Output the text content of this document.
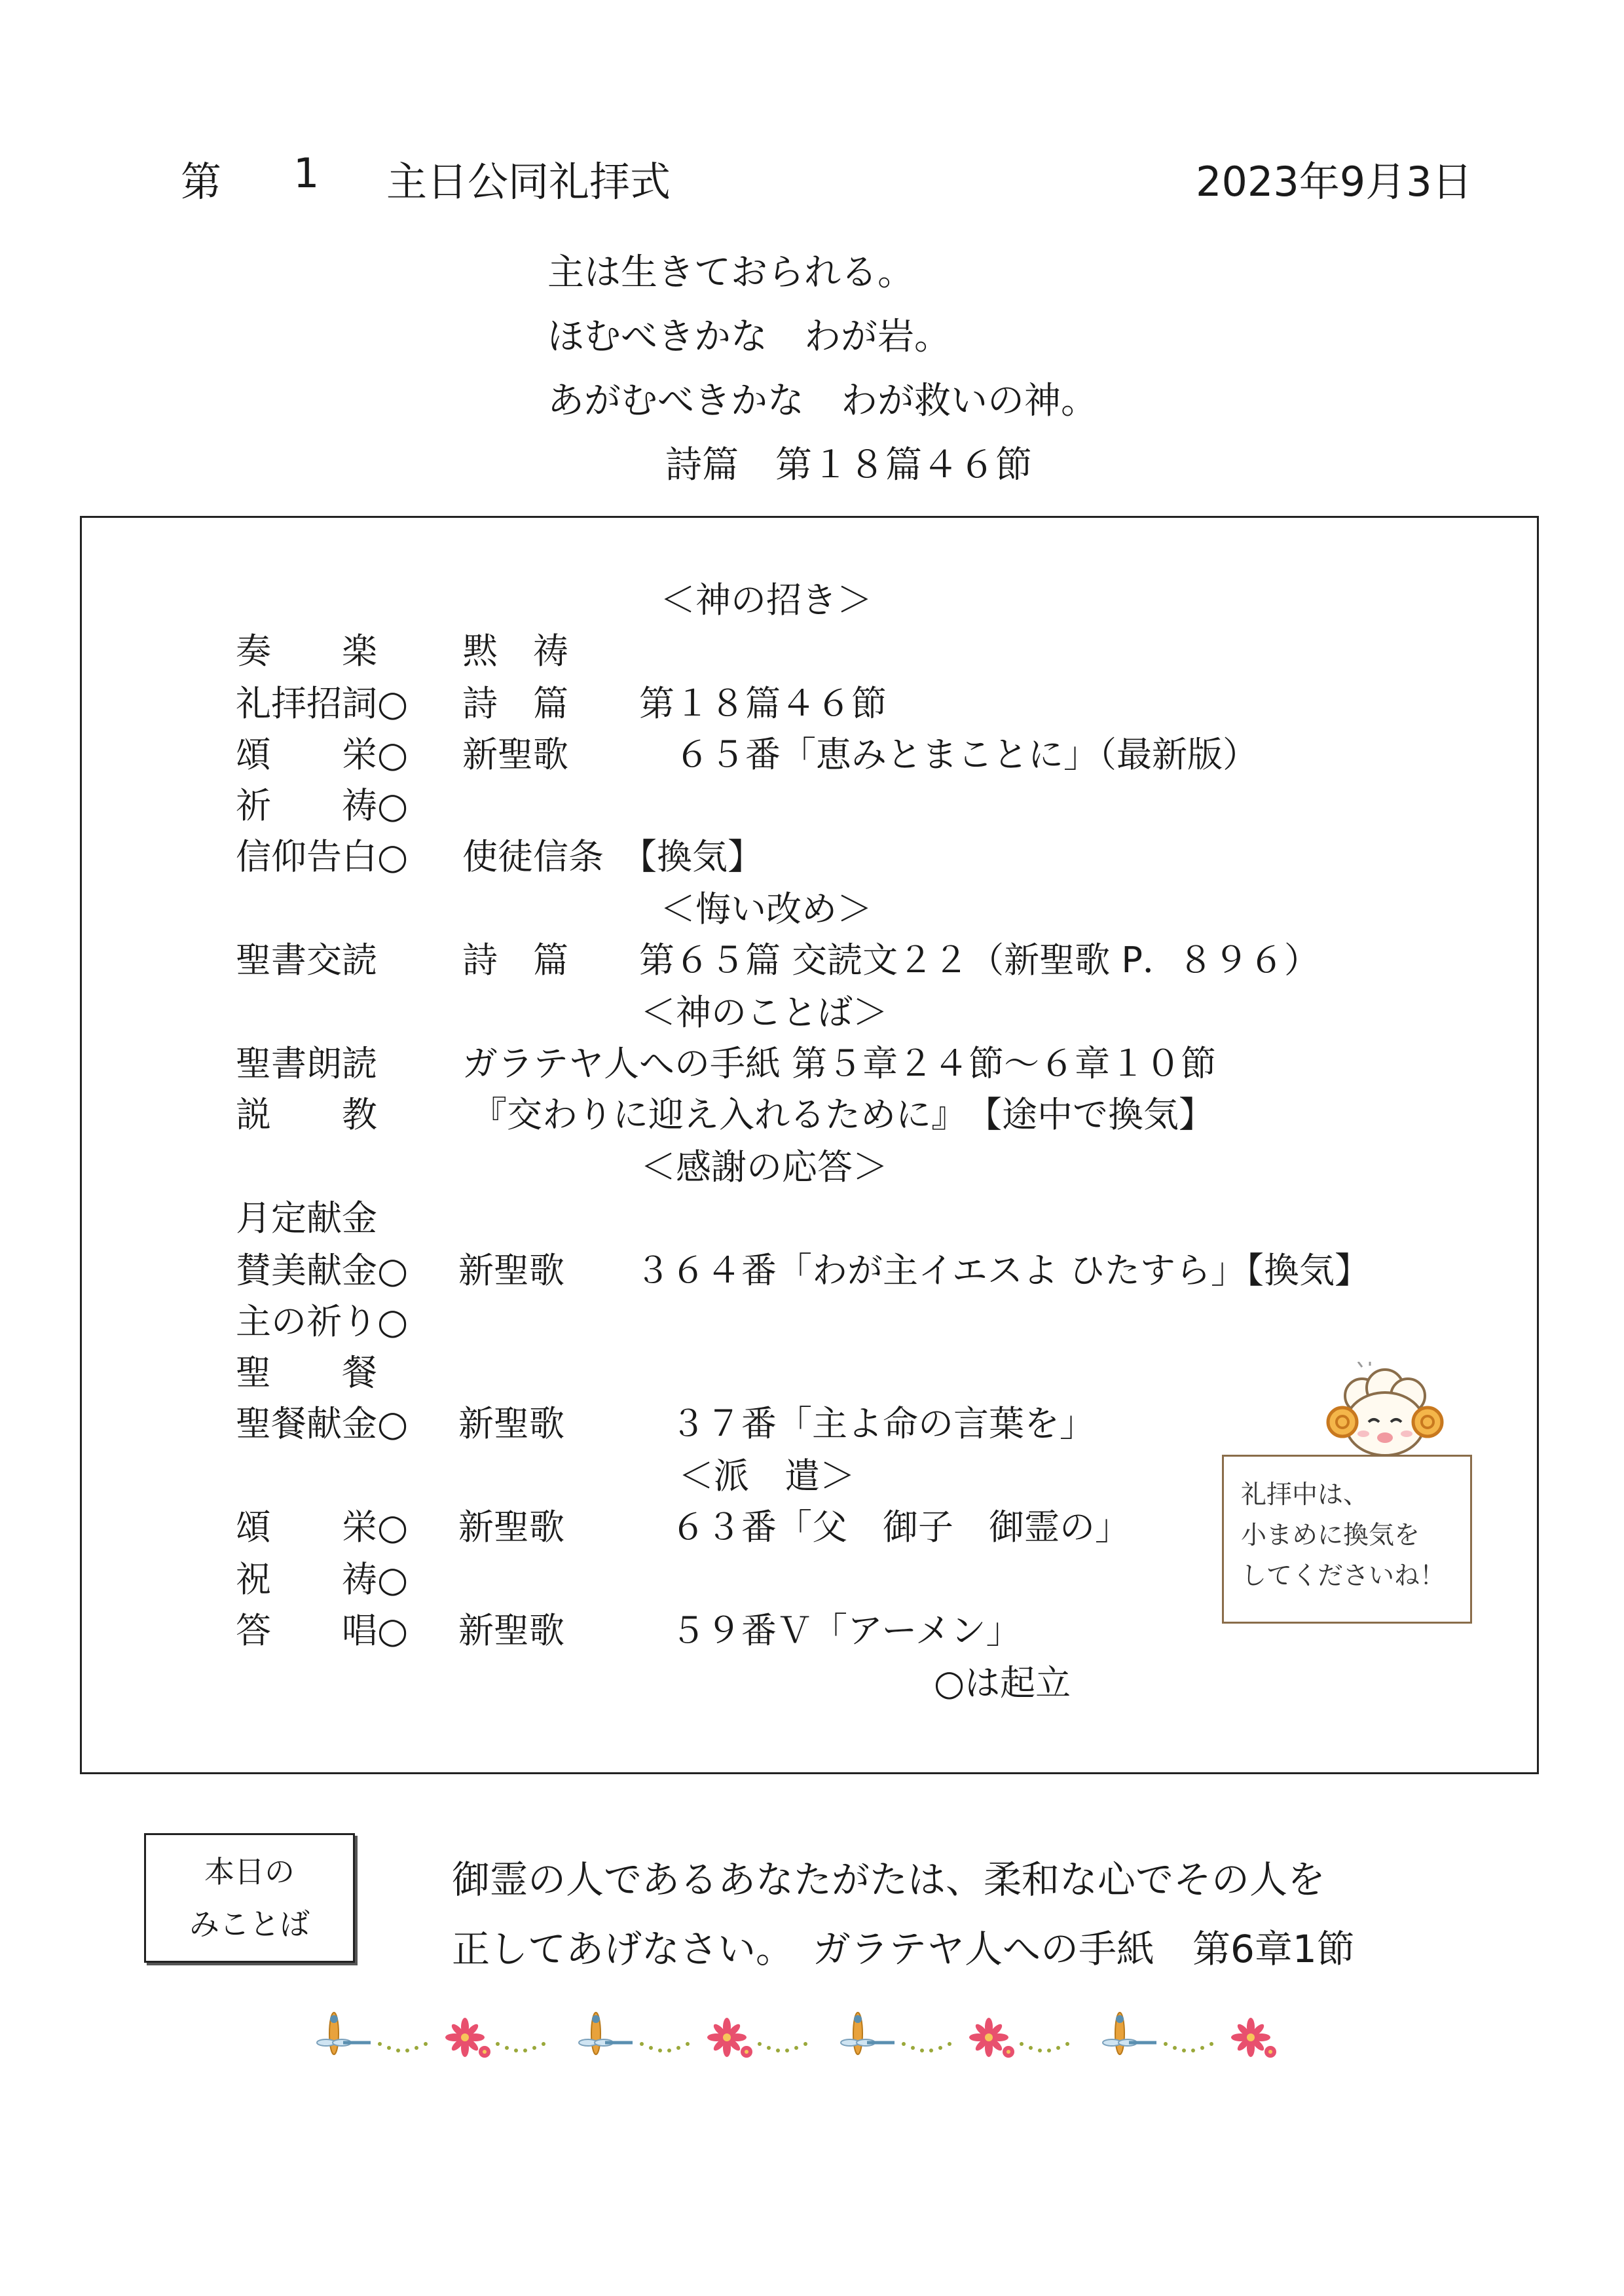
第 1 主日公同礼拝式	2023年9月3日
主は生きておられる。
ほむべきかな　わが岩。
あがむべきかな　わが救いの神。
詩篇　第１８篇４６節
＜神の招き＞
奏　　楽 黙　祷
礼拝招詞○ 詩　篇　　第１８篇４６節
頌　　栄○ 新聖歌　　　６５番「恵みとまことに」（最新版）
祈　　祷○
信仰告白○ 使徒信条　【換気】
＜悔い改め＞
聖書交読 詩　篇　　第６５篇 交読文２２（新聖歌 P．８９６）
＜神のことば＞
聖書朗読 ガラテヤ人への手紙 第５章２４節～６章１０節
説　　教	『交わりに迎え入れるために』　【途中で換気】
＜感謝の応答＞
月定献金
賛美献金○ 新聖歌　　３６４番「わが主イエスよ ひたすら」【換気】
主の祈り○
聖　　餐
聖餐献金○ 新聖歌　　　３７番「主よ命の言葉を」
＜派　遣＞
頌　　栄○ 新聖歌　　　６３番「父　御子　御霊の」
祝　　祷○
答　　唱○ 新聖歌　　　５９番Ｖ「アーメン」
○は起立
礼拝中は、
小まめに換気を
してくださいね！
本日の
みことば
御霊の人であるあなたがたは、柔和な心でその人を
正してあげなさい。　ガラテヤ人への手紙　第6章1節
